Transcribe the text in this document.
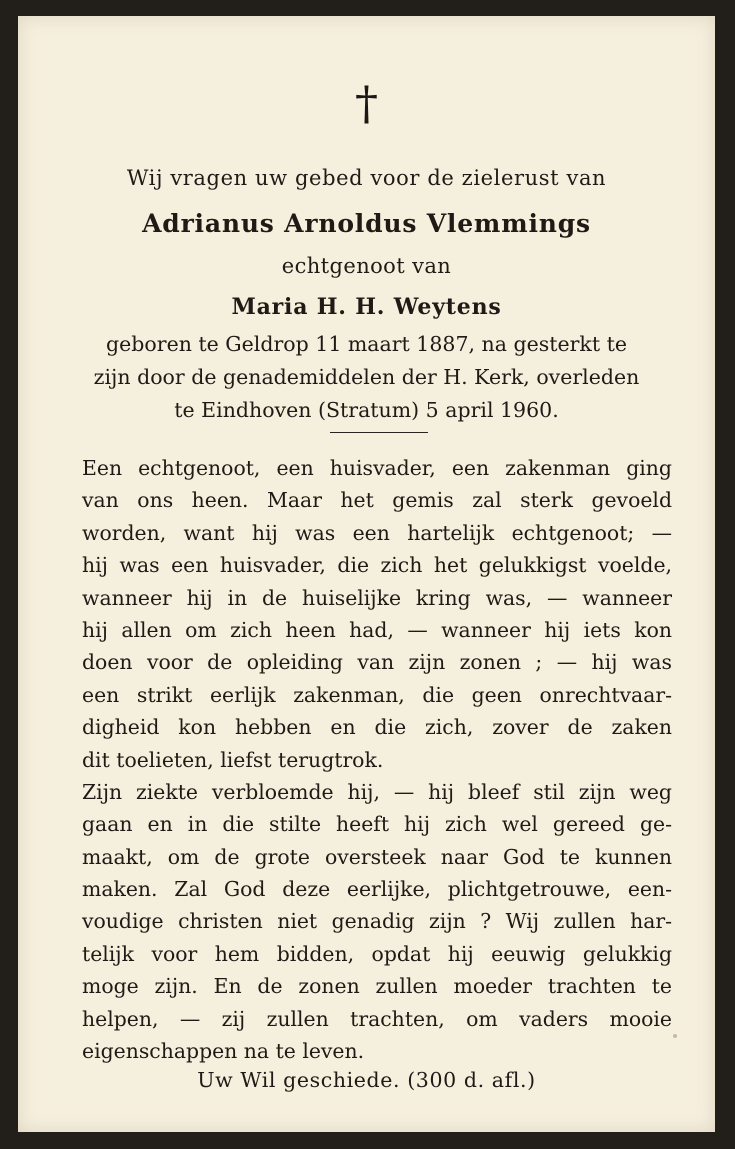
†
Wij vragen uw gebed voor de zielerust van
Adrianus Arnoldus Vlemmings
echtgenoot van
Maria H. H. Weytens
geboren te Geldrop 11 maart 1887, na gesterkt te
zijn door de genademiddelen der H. Kerk, overleden
te Eindhoven (Stratum) 5 april 1960.
Een echtgenoot, een huisvader, een zakenman ging
van ons heen. Maar het gemis zal sterk gevoeld
worden, want hij was een hartelijk echtgenoot; —
hij was een huisvader, die zich het gelukkigst voelde,
wanneer hij in de huiselijke kring was, — wanneer
hij allen om zich heen had, — wanneer hij iets kon
doen voor de opleiding van zijn zonen ; — hij was
een strikt eerlijk zakenman, die geen onrechtvaar-
digheid kon hebben en die zich, zover de zaken
dit toelieten, liefst terugtrok.
Zijn ziekte verbloemde hij, — hij bleef stil zijn weg
gaan en in die stilte heeft hij zich wel gereed ge-
maakt, om de grote oversteek naar God te kunnen
maken. Zal God deze eerlijke, plichtgetrouwe, een-
voudige christen niet genadig zijn ? Wij zullen har-
telijk voor hem bidden, opdat hij eeuwig gelukkig
moge zijn. En de zonen zullen moeder trachten te
helpen, — zij zullen trachten, om vaders mooie
eigenschappen na te leven.
Uw Wil geschiede. (300 d. afl.)
